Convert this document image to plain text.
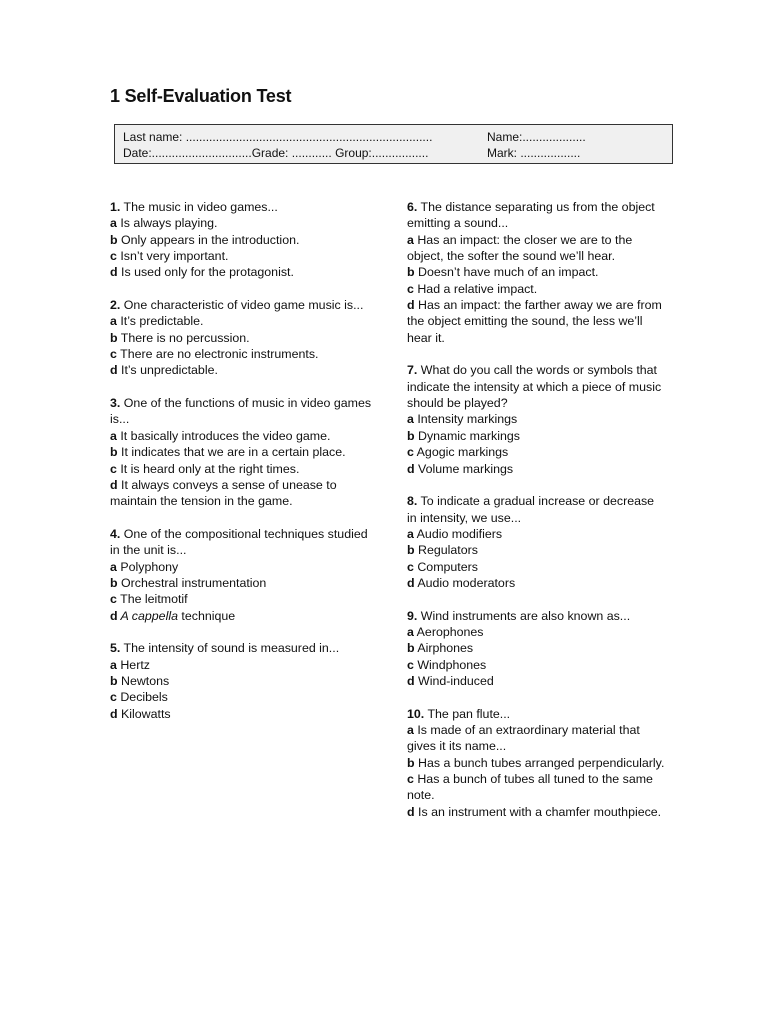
1 Self-Evaluation Test
Last name: ..........................................................................	Name:...................
Date:..............................Grade: ............ Group:.................	Mark: ..................

1. The music in video games...

a Is always playing.

b Only appears in the introduction.

c Isn’t very important.

d Is used only for the protagonist.

2. One characteristic of video game music is...

a It’s predictable.

b There is no percussion.

c There are no electronic instruments.

d It’s unpredictable.

3. One of the functions of music in video games is...

a It basically introduces the video game.

b It indicates that we are in a certain place.

c It is heard only at the right times.

d It always conveys a sense of unease to maintain the tension in the game.

4. One of the compositional techniques studied in the unit is...

a Polyphony

b Orchestral instrumentation

c The leitmotif

d A cappella technique

5. The intensity of sound is measured in...

a Hertz

b Newtons

c Decibels

d Kilowatts

6. The distance separating us from the object emitting a sound...

a Has an impact: the closer we are to the object, the softer the sound we’ll hear.

b Doesn’t have much of an impact.

c Had a relative impact.

d Has an impact: the farther away we are from the object emitting the sound, the less we’ll hear it.

7. What do you call the words or symbols that indicate the intensity at which a piece of music should be played?

a Intensity markings

b Dynamic markings

c Agogic markings

d Volume markings

8. To indicate a gradual increase or decrease in intensity, we use...

a Audio modifiers

b Regulators

c Computers

d Audio moderators

9. Wind instruments are also known as...

a Aerophones

b Airphones

c Windphones

d Wind-induced

10. The pan flute...

a Is made of an extraordinary material that gives it its name...

b Has a bunch tubes arranged perpendicularly.

c Has a bunch of tubes all tuned to the same note.

d Is an instrument with a chamfer mouthpiece.
